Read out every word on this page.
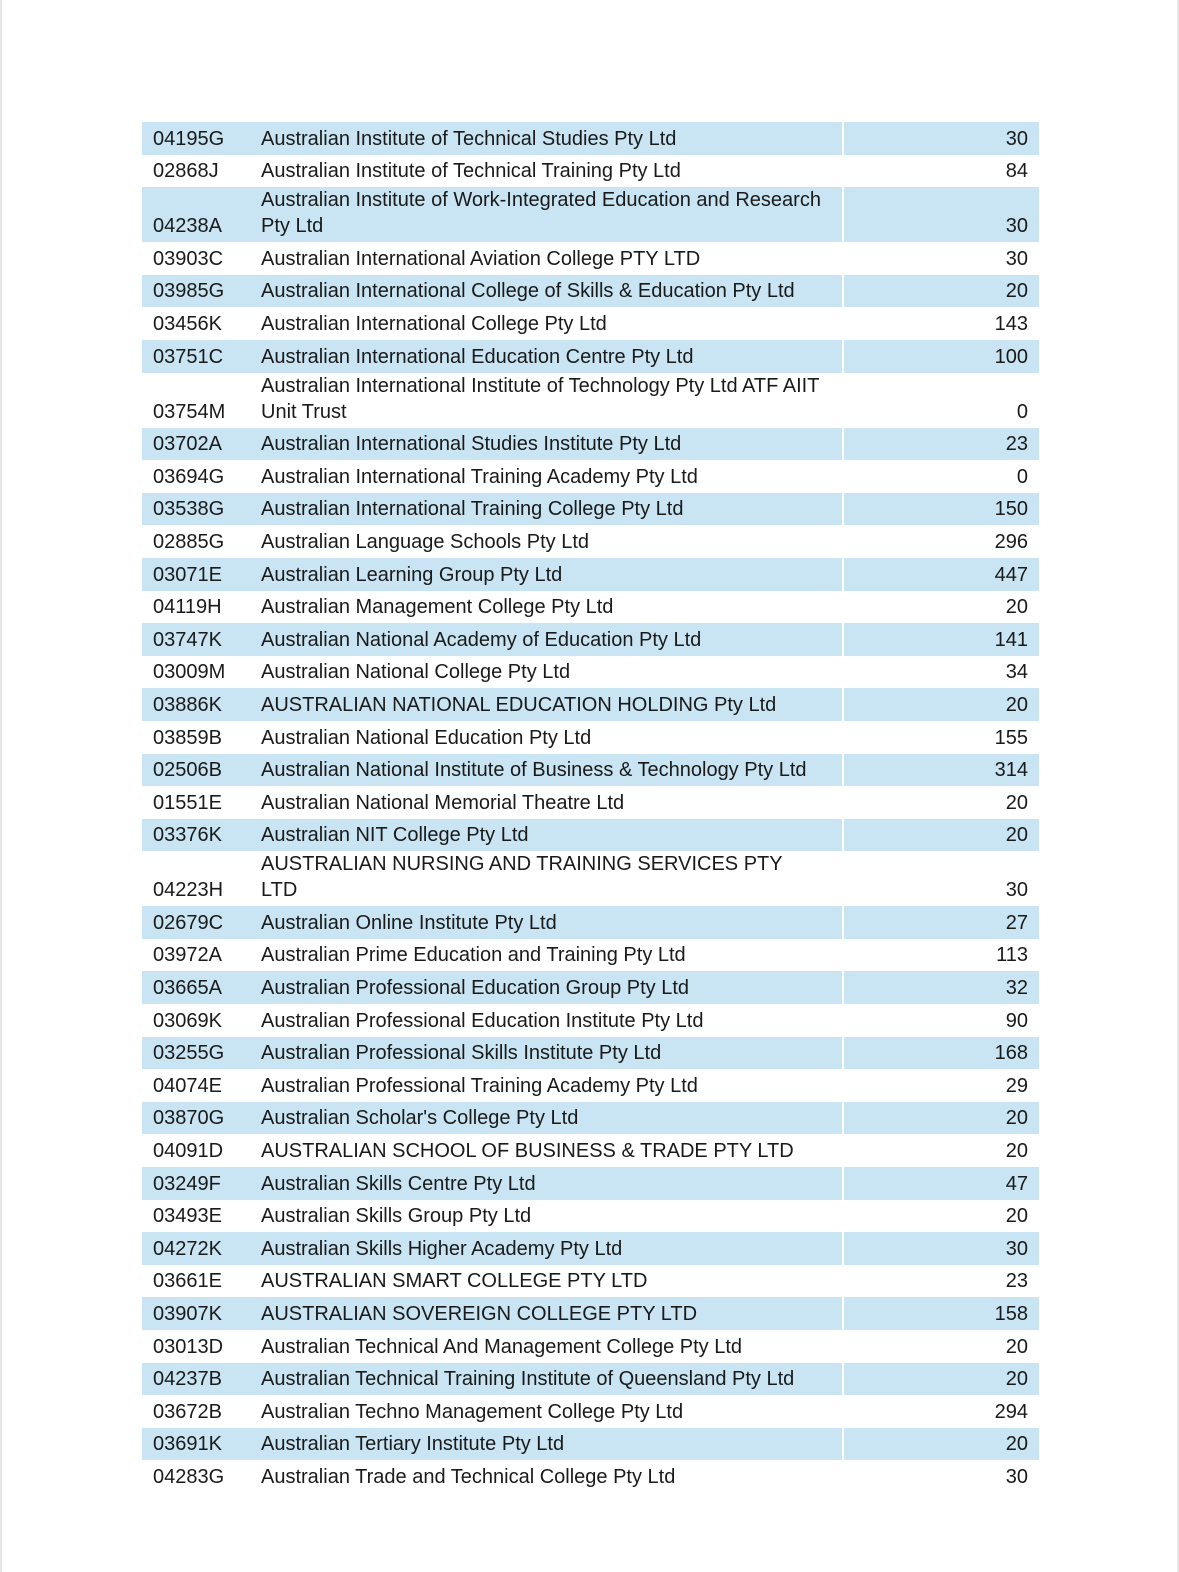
04195G	Australian Institute of Technical Studies Pty Ltd	30
02868J	Australian Institute of Technical Training Pty Ltd	84
04238A	Australian Institute of Work-Integrated Education and Research Pty Ltd	30
03903C	Australian International Aviation College PTY LTD	30
03985G	Australian International College of Skills & Education Pty Ltd	20
03456K	Australian International College Pty Ltd	143
03751C	Australian International Education Centre Pty Ltd	100
03754M	Australian International Institute of Technology Pty Ltd ATF AIIT Unit Trust	0
03702A	Australian International Studies Institute Pty Ltd	23
03694G	Australian International Training Academy Pty Ltd	0
03538G	Australian International Training College Pty Ltd	150
02885G	Australian Language Schools Pty Ltd	296
03071E	Australian Learning Group Pty Ltd	447
04119H	Australian Management College Pty Ltd	20
03747K	Australian National Academy of Education Pty Ltd	141
03009M	Australian National College Pty Ltd	34
03886K	AUSTRALIAN NATIONAL EDUCATION HOLDING Pty Ltd	20
03859B	Australian National Education Pty Ltd	155
02506B	Australian National Institute of Business & Technology Pty Ltd	314
01551E	Australian National Memorial Theatre Ltd	20
03376K	Australian NIT College Pty Ltd	20
04223H	AUSTRALIAN NURSING AND TRAINING SERVICES PTY LTD	30
02679C	Australian Online Institute Pty Ltd	27
03972A	Australian Prime Education and Training Pty Ltd	113
03665A	Australian Professional Education Group Pty Ltd	32
03069K	Australian Professional Education Institute Pty Ltd	90
03255G	Australian Professional Skills Institute Pty Ltd	168
04074E	Australian Professional Training Academy Pty Ltd	29
03870G	Australian Scholar's College Pty Ltd	20
04091D	AUSTRALIAN SCHOOL OF BUSINESS & TRADE PTY LTD	20
03249F	Australian Skills Centre Pty Ltd	47
03493E	Australian Skills Group Pty Ltd	20
04272K	Australian Skills Higher Academy Pty Ltd	30
03661E	AUSTRALIAN SMART COLLEGE PTY LTD	23
03907K	AUSTRALIAN SOVEREIGN COLLEGE PTY LTD	158
03013D	Australian Technical And Management College Pty Ltd	20
04237B	Australian Technical Training Institute of Queensland Pty Ltd	20
03672B	Australian Techno Management College Pty Ltd	294
03691K	Australian Tertiary Institute Pty Ltd	20
04283G	Australian Trade and Technical College Pty Ltd	30
